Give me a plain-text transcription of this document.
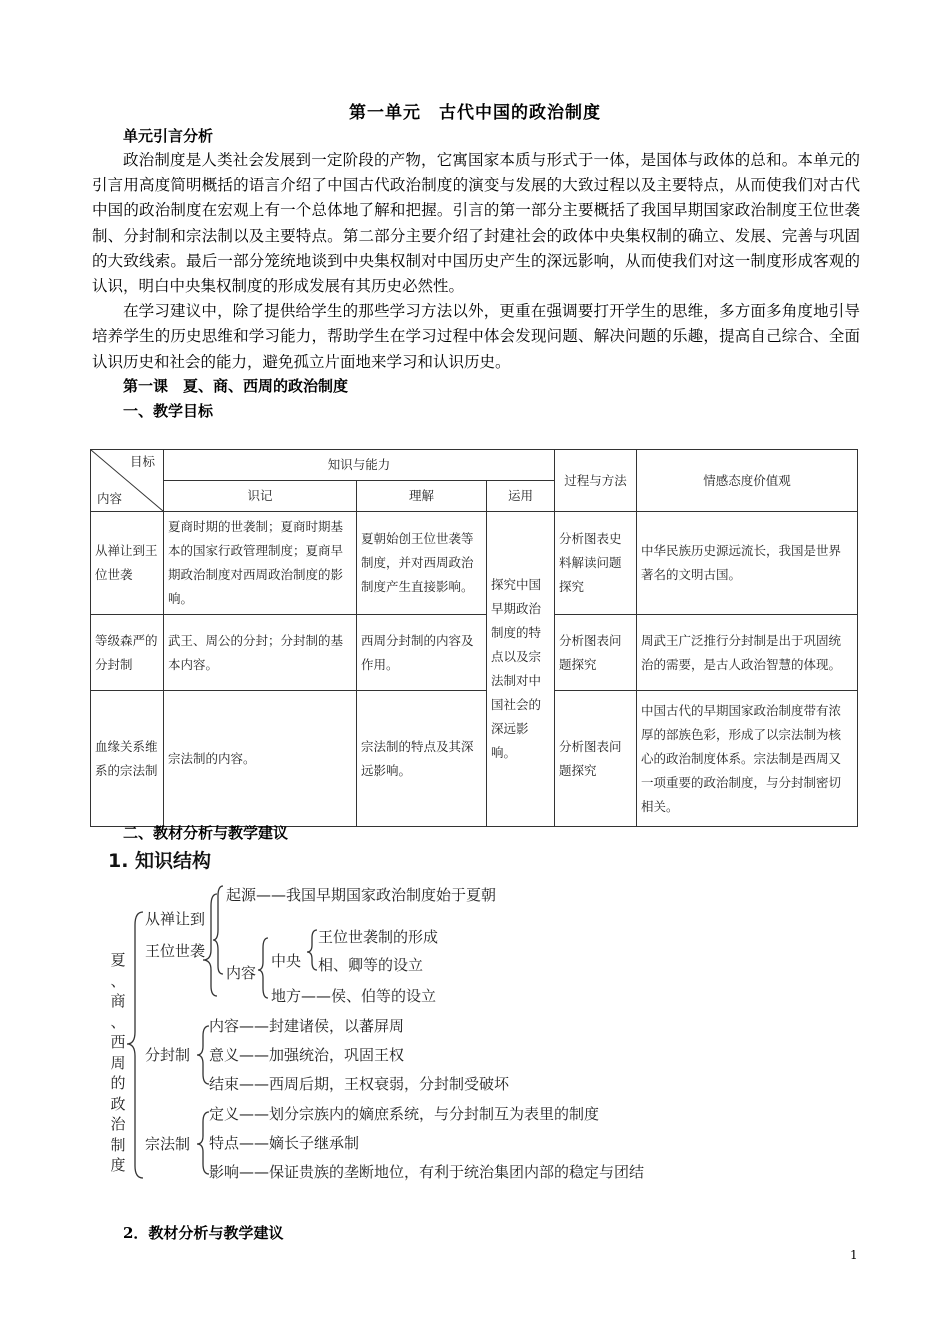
第一单元　古代中国的政治制度
单元引言分析

政治制度是人类社会发展到一定阶段的产物，它寓国家本质与形式于一体，是国体与政体的总和。本单元的引言用高度简明概括的语言介绍了中国古代政治制度的演变与发展的大致过程以及主要特点，从而使我们对古代中国的政治制度在宏观上有一个总体地了解和把握。引言的第一部分主要概括了我国早期国家政治制度王位世袭制、分封制和宗法制以及主要特点。第二部分主要介绍了封建社会的政体中央集权制的确立、发展、完善与巩固的大致线索。最后一部分笼统地谈到中央集权制对中国历史产生的深远影响，从而使我们对这一制度形成客观的认识，明白中央集权制度的形成发展有其历史必然性。

在学习建议中，除了提供给学生的那些学习方法以外，更重在强调要打开学生的思维，多方面多角度地引导培养学生的历史思维和学习能力，帮助学生在学习过程中体会发现问题、解决问题的乐趣，提高自己综合、全面认识历史和社会的能力，避免孤立片面地来学习和认识历史。

第一课　夏、商、西周的政治制度
一、教学目标
目标
内容	知识与能力			过程与方法	情感态度价值观
	识记	理解	运用		
从禅让到王位世袭	夏商时期的世袭制；夏商时期基本的国家行政管理制度；夏商早期政治制度对西周政治制度的影响。	夏朝始创王位世袭等制度，并对西周政治制度产生直接影响。	探究中国早期政治制度的特点以及宗法制对中国社会的深远影响。	分析图表史料解读问题探究	中华民族历史源远流长，我国是世界著名的文明古国。
等级森严的分封制	武王、周公的分封；分封制的基本内容。	西周分封制的内容及作用。		分析图表问题探究	周武王广泛推行分封制是出于巩固统治的需要，是古人政治智慧的体现。
血缘关系维系的宗法制	宗法制的内容。	宗法制的特点及其深远影响。		分析图表问题探究	中国古代的早期国家政治制度带有浓厚的部族色彩，形成了以宗法制为核心的政治制度体系。宗法制是西周又一项重要的政治制度，与分封制密切相关。
二、教材分析与教学建议
1. 知识结构
夏
、
商
、
西
周
的
政
治
制
度
从禅让到
王位世袭
起源——我国早期国家政治制度始于夏朝
内容
中央
王位世袭制的形成
相、卿等的设立
地方——侯、伯等的设立
分封制
内容——封建诸侯，以蕃屏周
意义——加强统治，巩固王权
结束——西周后期，王权衰弱，分封制受破坏
宗法制
定义——划分宗族内的嫡庶系统，与分封制互为表里的制度
特点——嫡长子继承制
影响——保证贵族的垄断地位，有利于统治集团内部的稳定与团结
2．教材分析与教学建议
1
